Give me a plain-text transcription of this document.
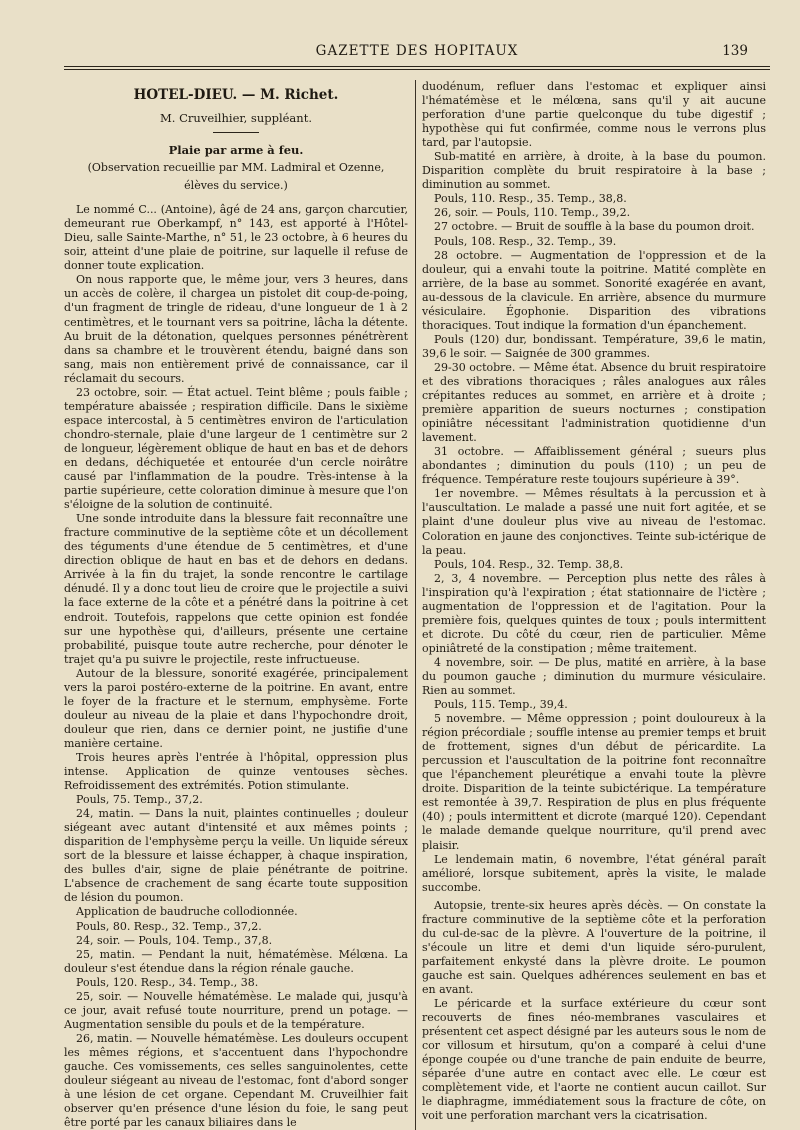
GAZETTE DES HOPITAUX	139
HOTEL-DIEU. — M. Richet.
M. Cruveilhier, suppléant.
Plaie par arme à feu.
(Observation recueillie par MM. Ladmiral et Ozenne,
élèves du service.)

Le nommé C... (Antoine), âgé de 24 ans, garçon charcutier, demeurant rue Oberkampf, n° 143, est apporté à l'Hôtel-Dieu, salle Sainte-Marthe, n° 51, le 23 octobre, à 6 heures du soir, atteint d'une plaie de poitrine, sur laquelle il refuse de donner toute explication.

On nous rapporte que, le même jour, vers 3 heures, dans un accès de colère, il chargea un pistolet dit coup-de-poing, d'un fragment de tringle de rideau, d'une longueur de 1 à 2 centimètres, et le tournant vers sa poitrine, lâcha la détente. Au bruit de la détonation, quelques personnes pénétrèrent dans sa chambre et le trouvèrent étendu, baigné dans son sang, mais non entièrement privé de connaissance, car il réclamait du secours.

23 octobre, soir. — État actuel. Teint blême ; pouls faible ; température abaissée ; respiration difficile. Dans le sixième espace intercostal, à 5 centimètres environ de l'articulation chondro-sternale, plaie d'une largeur de 1 centimètre sur 2 de longueur, légèrement oblique de haut en bas et de dehors en dedans, déchiquetée et entourée d'un cercle noirâtre causé par l'inflammation de la poudre. Très-intense à la partie supérieure, cette coloration diminue à mesure que l'on s'éloigne de la solution de continuité.

Une sonde introduite dans la blessure fait reconnaître une fracture comminutive de la septième côte et un décollement des téguments d'une étendue de 5 centimètres, et d'une direction oblique de haut en bas et de dehors en dedans. Arrivée à la fin du trajet, la sonde rencontre le cartilage dénudé. Il y a donc tout lieu de croire que le projectile a suivi la face externe de la côte et a pénétré dans la poitrine à cet endroit. Toutefois, rappelons que cette opinion est fondée sur une hypothèse qui, d'ailleurs, présente une certaine probabilité, puisque toute autre recherche, pour dénoter le trajet qu'a pu suivre le projectile, reste infructueuse.

Autour de la blessure, sonorité exagérée, principalement vers la paroi postéro-externe de la poitrine. En avant, entre le foyer de la fracture et le sternum, emphysème. Forte douleur au niveau de la plaie et dans l'hypochondre droit, douleur que rien, dans ce dernier point, ne justifie d'une manière certaine.

Trois heures après l'entrée à l'hôpital, oppression plus intense. Application de quinze ventouses sèches. Refroidissement des extrémités. Potion stimulante.

Pouls, 75. Temp., 37,2.

24, matin. — Dans la nuit, plaintes continuelles ; douleur siégeant avec autant d'intensité et aux mêmes points ; disparition de l'emphysème perçu la veille. Un liquide séreux sort de la blessure et laisse échapper, à chaque inspiration, des bulles d'air, signe de plaie pénétrante de poitrine. L'absence de crachement de sang écarte toute supposition de lésion du poumon.

Application de baudruche collodionnée.

Pouls, 80. Resp., 32. Temp., 37,2.

24, soir. — Pouls, 104. Temp., 37,8.

25, matin. — Pendant la nuit, hématémèse. Mélœna. La douleur s'est étendue dans la région rénale gauche.

Pouls, 120. Resp., 34. Temp., 38.

25, soir. — Nouvelle hématémèse. Le malade qui, jusqu'à ce jour, avait refusé toute nourriture, prend un potage. — Augmentation sensible du pouls et de la température.

26, matin. — Nouvelle hématémèse. Les douleurs occupent les mêmes régions, et s'accentuent dans l'hypochondre gauche. Ces vomissements, ces selles sanguinolentes, cette douleur siégeant au niveau de l'estomac, font d'abord songer à une lésion de cet organe. Cependant M. Cruveilhier fait observer qu'en présence d'une lésion du foie, le sang peut être porté par les canaux biliaires dans le

duodénum, refluer dans l'estomac et expliquer ainsi l'hématémèse et le mélœna, sans qu'il y ait aucune perforation d'une partie quelconque du tube digestif ; hypothèse qui fut confirmée, comme nous le verrons plus tard, par l'autopsie.

Sub-matité en arrière, à droite, à la base du poumon. Disparition complète du bruit respiratoire à la base ; diminution au sommet.

Pouls, 110. Resp., 35. Temp., 38,8.

26, soir. — Pouls, 110. Temp., 39,2.

27 octobre. — Bruit de souffle à la base du poumon droit.

Pouls, 108. Resp., 32. Temp., 39.

28 octobre. — Augmentation de l'oppression et de la douleur, qui a envahi toute la poitrine. Matité complète en arrière, de la base au sommet. Sonorité exagérée en avant, au-dessous de la clavicule. En arrière, absence du murmure vésiculaire. Égophonie. Disparition des vibrations thoraciques. Tout indique la formation d'un épanchement.

Pouls (120) dur, bondissant. Température, 39,6 le matin, 39,6 le soir. — Saignée de 300 grammes.

29-30 octobre. — Même état. Absence du bruit respiratoire et des vibrations thoraciques ; râles analogues aux râles crépitantes reduces au sommet, en arrière et à droite ; première apparition de sueurs nocturnes ; constipation opiniâtre nécessitant l'administration quotidienne d'un lavement.

31 octobre. — Affaiblissement général ; sueurs plus abondantes ; diminution du pouls (110) ; un peu de fréquence. Température reste toujours supérieure à 39°.

1er novembre. — Mêmes résultats à la percussion et à l'auscultation. Le malade a passé une nuit fort agitée, et se plaint d'une douleur plus vive au niveau de l'estomac. Coloration en jaune des conjonctives. Teinte sub-ictérique de la peau.

Pouls, 104. Resp., 32. Temp. 38,8.

2, 3, 4 novembre. — Perception plus nette des râles à l'inspiration qu'à l'expiration ; état stationnaire de l'ictère ; augmentation de l'oppression et de l'agitation. Pour la première fois, quelques quintes de toux ; pouls intermittent et dicrote. Du côté du cœur, rien de particulier. Même opiniâtreté de la constipation ; même traitement.

4 novembre, soir. — De plus, matité en arrière, à la base du poumon gauche ; diminution du murmure vésiculaire. Rien au sommet.

Pouls, 115. Temp., 39,4.

5 novembre. — Même oppression ; point douloureux à la région précordiale ; souffle intense au premier temps et bruit de frottement, signes d'un début de péricardite. La percussion et l'auscultation de la poitrine font reconnaître que l'épanchement pleurétique a envahi toute la plèvre droite. Disparition de la teinte subictérique. La température est remontée à 39,7. Respiration de plus en plus fréquente (40) ; pouls intermittent et dicrote (marqué 120). Cependant le malade demande quelque nourriture, qu'il prend avec plaisir.

Le lendemain matin, 6 novembre, l'état général paraît amélioré, lorsque subitement, après la visite, le malade succombe.

Autopsie, trente-six heures après décès. — On constate la fracture comminutive de la septième côte et la perforation du cul-de-sac de la plèvre. A l'ouverture de la poitrine, il s'écoule un litre et demi d'un liquide séro-purulent, parfaitement enkysté dans la plèvre droite. Le poumon gauche est sain. Quelques adhérences seulement en bas et en avant.

Le péricarde et la surface extérieure du cœur sont recouverts de fines néo-membranes vasculaires et présentent cet aspect désigné par les auteurs sous le nom de cor villosum et hirsutum, qu'on a comparé à celui d'une éponge coupée ou d'une tranche de pain enduite de beurre, séparée d'une autre en contact avec elle. Le cœur est complètement vide, et l'aorte ne contient aucun caillot. Sur le diaphragme, immédiatement sous la fracture de côte, on voit une perforation marchant vers la cicatrisation.
